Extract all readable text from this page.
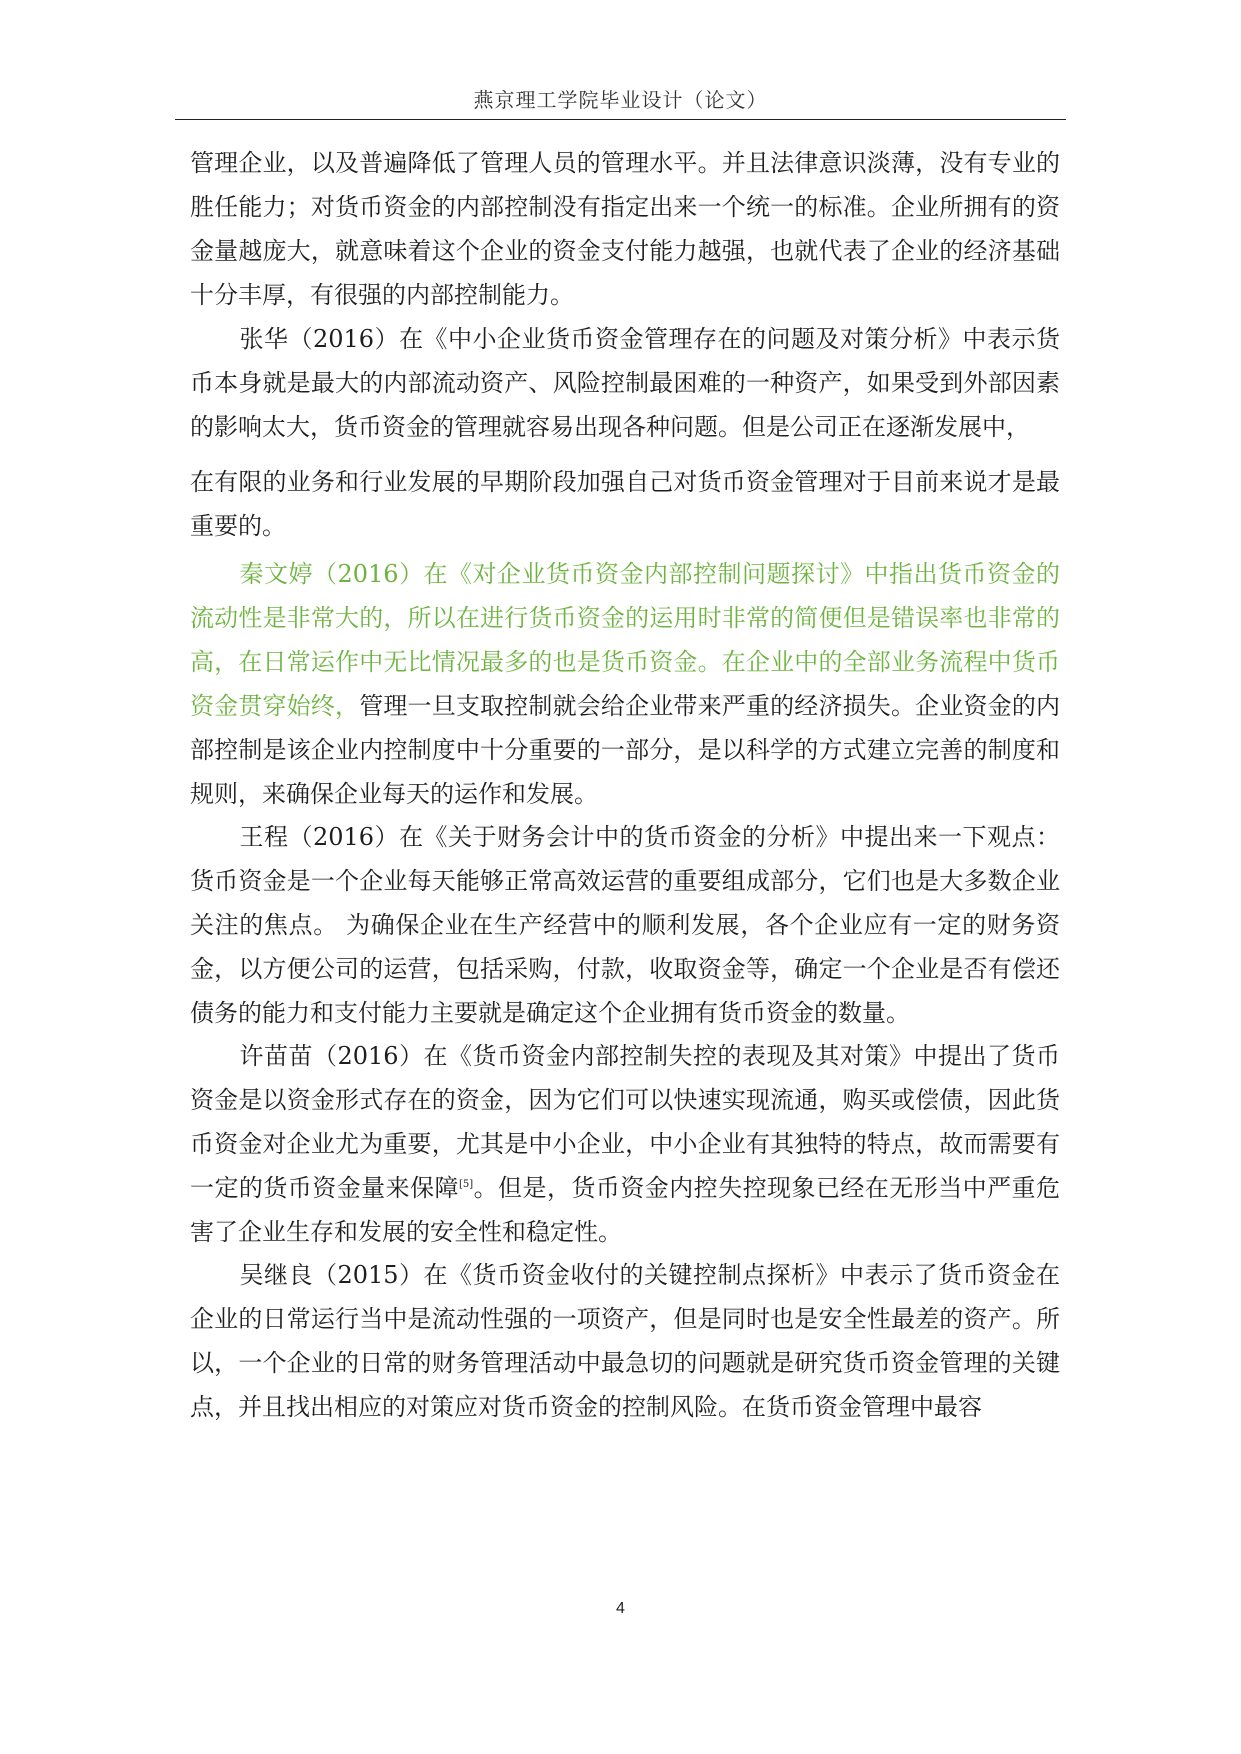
燕京理工学院毕业设计（论文）

管理企业，以及普遍降低了管理人员的管理水平。并且法律意识淡薄，没有专业的胜任能力；对货币资金的内部控制没有指定出来一个统一的标准。企业所拥有的资金量越庞大，就意味着这个企业的资金支付能力越强，也就代表了企业的经济基础十分丰厚，有很强的内部控制能力。

张华（2016）在《中小企业货币资金管理存在的问题及对策分析》中表示货币本身就是最大的内部流动资产、风险控制最困难的一种资产，如果受到外部因素的影响太大，货币资金的管理就容易出现各种问题。但是公司正在逐渐发展中，

在有限的业务和行业发展的早期阶段加强自己对货币资金管理对于目前来说才是最重要的。

秦文婷（2016）在《对企业货币资金内部控制问题探讨》中指出货币资金的流动性是非常大的，所以在进行货币资金的运用时非常的简便但是错误率也非常的高，在日常运作中无比情况最多的也是货币资金。在企业中的全部业务流程中货币资金贯穿始终，管理一旦支取控制就会给企业带来严重的经济损失。企业资金的内部控制是该企业内控制度中十分重要的一部分，是以科学的方式建立完善的制度和规则，来确保企业每天的运作和发展。

王程（2016）在《关于财务会计中的货币资金的分析》中提出来一下观点：货币资金是一个企业每天能够正常高效运营的重要组成部分，它们也是大多数企业关注的焦点。 为确保企业在生产经营中的顺利发展，各个企业应有一定的财务资金，以方便公司的运营，包括采购，付款，收取资金等，确定一个企业是否有偿还债务的能力和支付能力主要就是确定这个企业拥有货币资金的数量。

许苗苗（2016）在《货币资金内部控制失控的表现及其对策》中提出了货币资金是以资金形式存在的资金，因为它们可以快速实现流通，购买或偿债，因此货币资金对企业尤为重要，尤其是中小企业，中小企业有其独特的特点，故而需要有一定的货币资金量来保障[5]。但是，货币资金内控失控现象已经在无形当中严重危害了企业生存和发展的安全性和稳定性。

吴继良（2015）在《货币资金收付的关键控制点探析》中表示了货币资金在企业的日常运行当中是流动性强的一项资产，但是同时也是安全性最差的资产。所以，一个企业的日常的财务管理活动中最急切的问题就是研究货币资金管理的关键点，并且找出相应的对策应对货币资金的控制风险。在货币资金管理中最容

4
